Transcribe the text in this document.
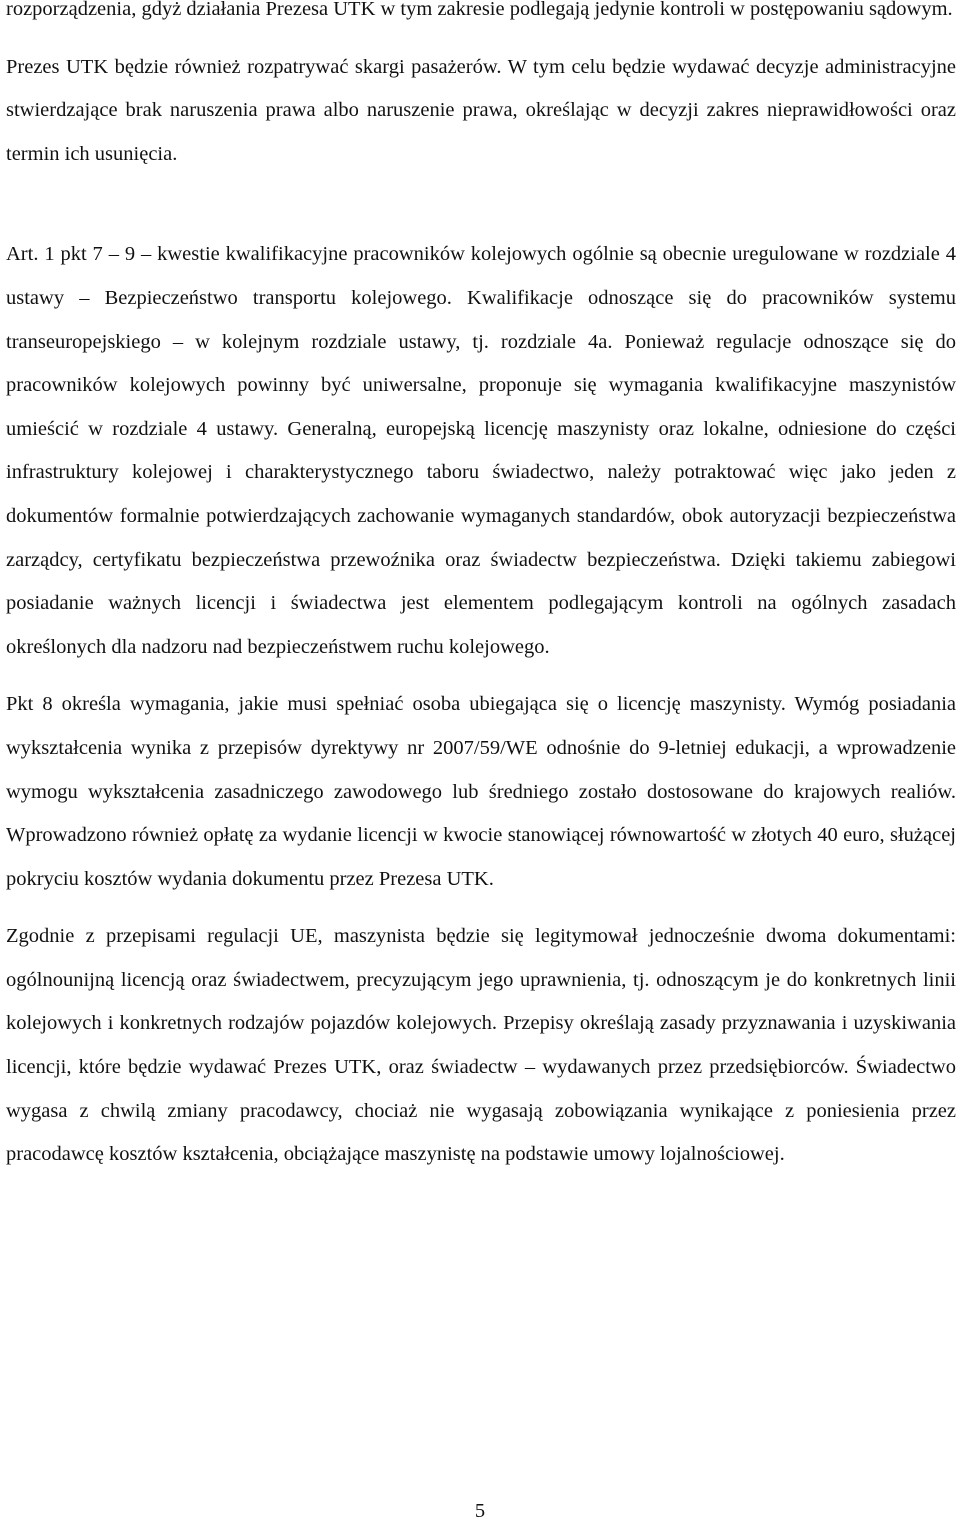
rozporządzenia, gdyż działania Prezesa UTK w tym zakresie podlegają jedynie kontroli w postępowaniu sądowym.

Prezes UTK będzie również rozpatrywać skargi pasażerów. W tym celu będzie wydawać decyzje administracyjne stwierdzające brak naruszenia prawa albo naruszenie prawa, określając w decyzji zakres nieprawidłowości oraz termin ich usunięcia.

Art. 1 pkt 7 – 9 – kwestie kwalifikacyjne pracowników kolejowych ogólnie są obecnie uregulowane w rozdziale 4 ustawy – Bezpieczeństwo transportu kolejowego. Kwalifikacje odnoszące się do pracowników systemu transeuropejskiego – w kolejnym rozdziale ustawy, tj. rozdziale 4a. Ponieważ regulacje odnoszące się do pracowników kolejowych powinny być uniwersalne, proponuje się wymagania kwalifikacyjne maszynistów umieścić w rozdziale 4 ustawy. Generalną, europejską licencję maszynisty oraz lokalne, odniesione do części infrastruktury kolejowej i charakterystycznego taboru świadectwo, należy potraktować więc jako jeden z dokumentów formalnie potwierdzających zachowanie wymaganych standardów, obok autoryzacji bezpieczeństwa zarządcy, certyfikatu bezpieczeństwa przewoźnika oraz świadectw bezpieczeństwa. Dzięki takiemu zabiegowi posiadanie ważnych licencji i świadectwa jest elementem podlegającym kontroli na ogólnych zasadach określonych dla nadzoru nad bezpieczeństwem ruchu kolejowego.

Pkt 8 określa wymagania, jakie musi spełniać osoba ubiegająca się o licencję maszynisty. Wymóg posiadania wykształcenia wynika z przepisów dyrektywy nr 2007/59/WE odnośnie do 9-letniej edukacji, a wprowadzenie wymogu wykształcenia zasadniczego zawodowego lub średniego zostało dostosowane do krajowych realiów. Wprowadzono również opłatę za wydanie licencji w kwocie stanowiącej równowartość w złotych 40 euro, służącej pokryciu kosztów wydania dokumentu przez Prezesa UTK.

Zgodnie z przepisami regulacji UE, maszynista będzie się legitymował jednocześnie dwoma dokumentami: ogólnounijną licencją oraz świadectwem, precyzującym jego uprawnienia, tj. odnoszącym je do konkretnych linii kolejowych i konkretnych rodzajów pojazdów kolejowych. Przepisy określają zasady przyznawania i uzyskiwania licencji, które będzie wydawać Prezes UTK, oraz świadectw – wydawanych przez przedsiębiorców. Świadectwo wygasa z chwilą zmiany pracodawcy, chociaż nie wygasają zobowiązania wynikające z poniesienia przez pracodawcę kosztów kształcenia, obciążające maszynistę na podstawie umowy lojalnościowej.

5
